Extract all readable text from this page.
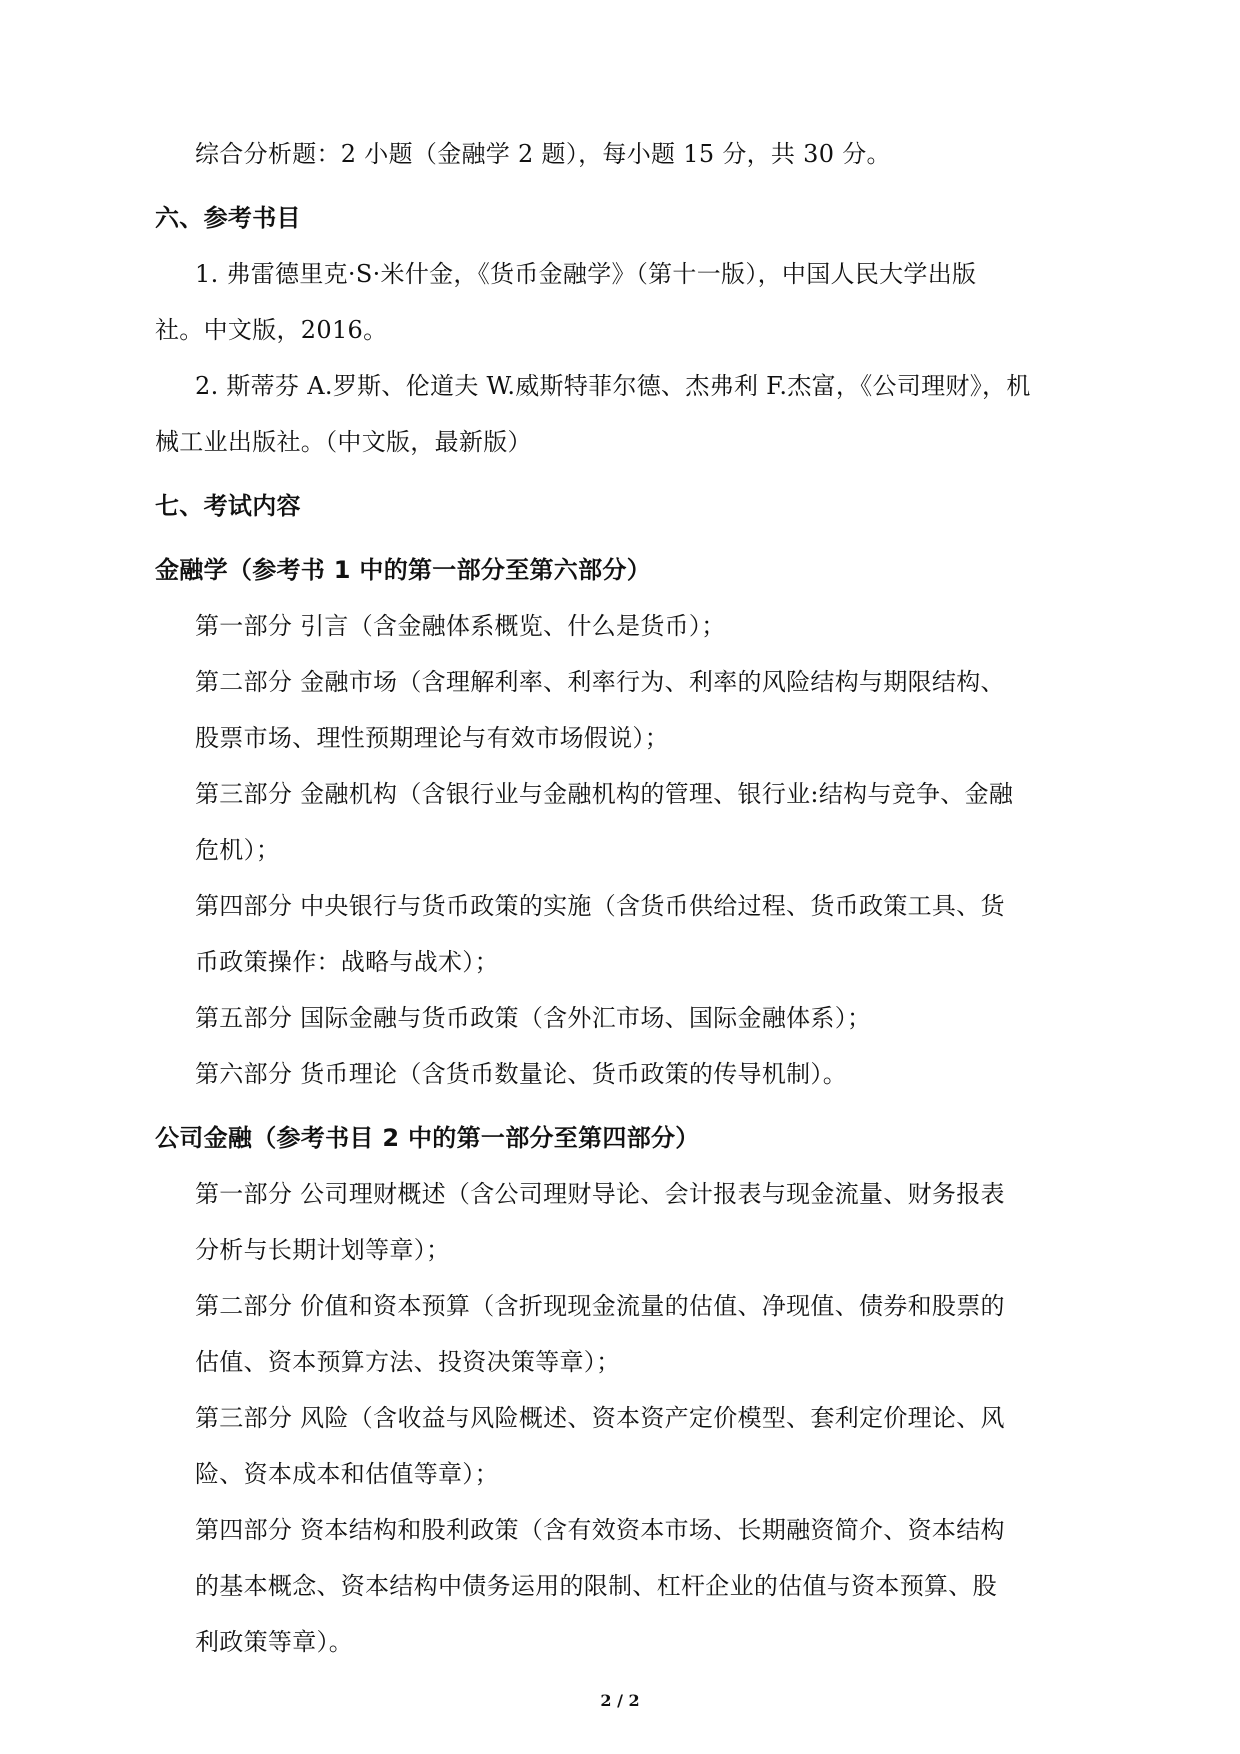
综合分析题：2 小题（金融学 2 题），每小题 15 分，共 30 分。
六、参考书目
1. 弗雷德里克·S·米什金，《货币金融学》（第十一版），中国人民大学出版
社。中文版，2016。
2. 斯蒂芬 A.罗斯、伦道夫 W.威斯特菲尔德、杰弗利 F.杰富，《公司理财》，机
械工业出版社。（中文版，最新版）
七、考试内容
金融学（参考书 1 中的第一部分至第六部分）
第一部分 引言（含金融体系概览、什么是货币）；
第二部分 金融市场（含理解利率、利率行为、利率的风险结构与期限结构、
股票市场、理性预期理论与有效市场假说）；
第三部分 金融机构（含银行业与金融机构的管理、银行业:结构与竞争、金融
危机）；
第四部分 中央银行与货币政策的实施（含货币供给过程、货币政策工具、货
币政策操作：战略与战术）；
第五部分 国际金融与货币政策（含外汇市场、国际金融体系）；
第六部分 货币理论（含货币数量论、货币政策的传导机制）。
公司金融（参考书目 2 中的第一部分至第四部分）
第一部分 公司理财概述（含公司理财导论、会计报表与现金流量、财务报表
分析与长期计划等章）；
第二部分 价值和资本预算（含折现现金流量的估值、净现值、债券和股票的
估值、资本预算方法、投资决策等章）；
第三部分 风险（含收益与风险概述、资本资产定价模型、套利定价理论、风
险、资本成本和估值等章）；
第四部分 资本结构和股利政策（含有效资本市场、长期融资简介、资本结构
的基本概念、资本结构中债务运用的限制、杠杆企业的估值与资本预算、股
利政策等章）。
2 / 2
